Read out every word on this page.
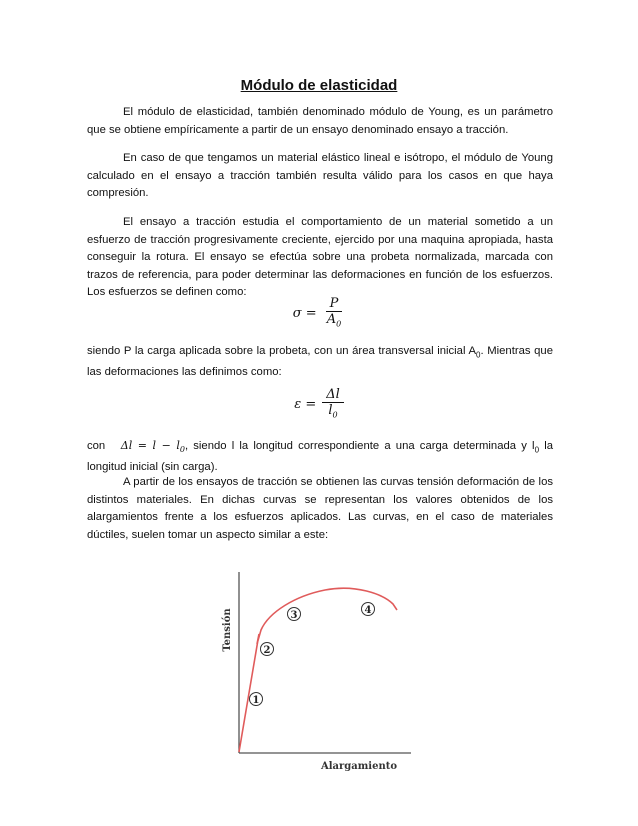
Módulo de elasticidad

El módulo de elasticidad, también denominado módulo de Young, es un parámetro que se obtiene empíricamente a partir de un ensayo denominado ensayo a tracción.

En caso de que tengamos un material elástico lineal e isótropo, el módulo de Young calculado en el ensayo a tracción también resulta válido para los casos en que haya compresión.

El ensayo a tracción estudia el comportamiento de un material sometido a un esfuerzo de tracción progresivamente creciente, ejercido por una maquina apropiada, hasta conseguir la rotura. El ensayo se efectúa sobre una probeta normalizada, marcada con trazos de referencia, para poder determinar las deformaciones en función de los esfuerzos. Los esfuerzos se definen como:

$\sigma = \frac{P}{A_0}$

siendo P la carga aplicada sobre la probeta, con un área transversal inicial $A_0$. Mientras que las deformaciones las definimos como:

$\varepsilon = \frac{\Delta l}{l_0}$

con $\Delta l = l - l_0$, siendo l la longitud correspondiente a una carga determinada y $l_0$ la longitud inicial (sin carga).

A partir de los ensayos de tracción se obtienen las curvas tensión deformación de los distintos materiales. En dichas curvas se representan los valores obtenidos de los alargamientos frente a los esfuerzos aplicados. Las curvas, en el caso de materiales dúctiles, suelen tomar un aspecto similar a este:

1
2
3	4
Tensión
Alargamiento
